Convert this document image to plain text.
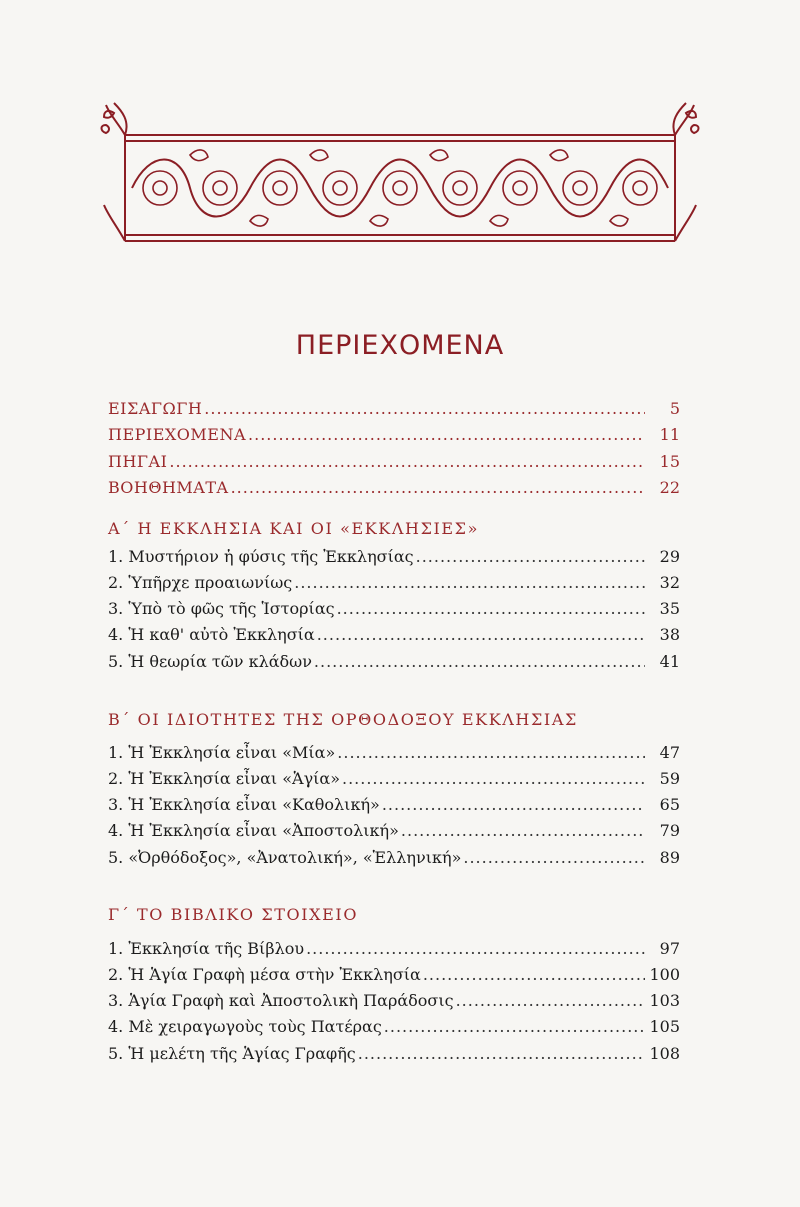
ΠΕΡΙΕΧΟΜΕΝΑ
ΕΙΣΑΓΩΓΗ .....	5
ΠΕΡΙΕΧΟΜΕΝΑ .....	11
ΠΗΓΑΙ .....	15
ΒΟΗΘΗΜΑΤΑ .....	22
Α΄ Η ΕΚΚΛΗΣΙΑ ΚΑΙ ΟΙ «ΕΚΚΛΗΣΙΕΣ»
1. Μυστήριον ἡ φύσις τῆς Ἐκκλησίας .....	29
2. Ὑπῆρχε προαιωνίως .....	32
3. Ὑπὸ τὸ φῶς τῆς Ἱστορίας .....	35
4. Ἡ καθ' αὐτὸ Ἐκκλησία .....	38
5. Ἡ θεωρία τῶν κλάδων .....	41
Β΄ ΟΙ ΙΔΙΟΤΗΤΕΣ ΤΗΣ ΟΡΘΟΔΟΞΟΥ ΕΚΚΛΗΣΙΑΣ
1. Ἡ Ἐκκλησία εἶναι «Μία» .....	47
2. Ἡ Ἐκκλησία εἶναι «Ἁγία» .....	59
3. Ἡ Ἐκκλησία εἶναι «Καθολική» .....	65
4. Ἡ Ἐκκλησία εἶναι «Ἀποστολική» .....	79
5. «Ὀρθόδοξος», «Ἀνατολική», «Ἑλληνική» .....	89
Γ΄ ΤΟ ΒΙΒΛΙΚΟ ΣΤΟΙΧΕΙΟ
1. Ἐκκλησία τῆς Βίβλου .....	97
2. Ἡ Ἁγία Γραφὴ μέσα στὴν Ἐκκλησία .....	100
3. Ἁγία Γραφὴ καὶ Ἀποστολικὴ Παράδοσις .....	103
4. Μὲ χειραγωγοὺς τοὺς Πατέρας .....	105
5. Ἡ μελέτη τῆς Ἁγίας Γραφῆς .....	108
